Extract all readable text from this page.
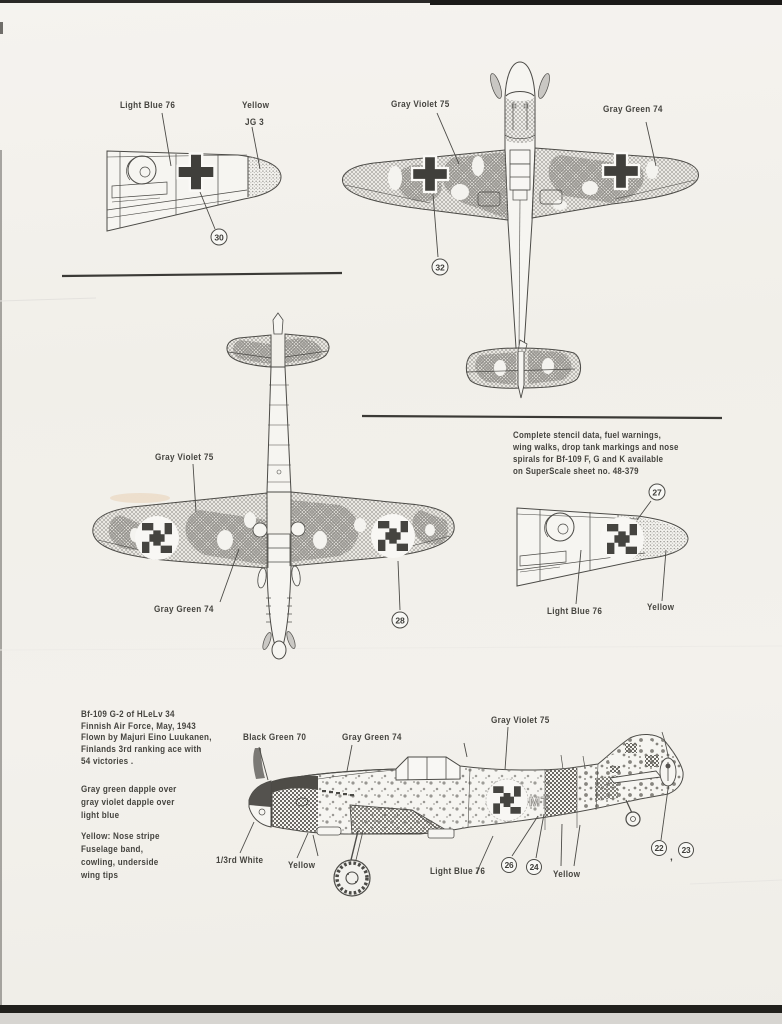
MT
Light Blue 76	Yellow
JG 3
Gray Violet 75	Gray Green 74
Gray Violet 75
Gray Green 74
Complete stencil data, fuel warnings,
wing walks, drop tank markings and nose
spirals for Bf-109 F, G and K available
on SuperScale sheet no. 48-379
Light Blue 76	Yellow
Bf-109 G-2 of HLeLv 34
Finnish Air Force, May, 1943
Flown by Majuri Eino Luukanen,
Finlands 3rd ranking ace with
54 victories .
Gray green dapple over
gray violet dapple over
light blue
Yellow: Nose stripe
Fuselage band,
cowling, underside
wing tips
Black Green 70	Gray Green 74
Gray Violet 75
1/3rd White	Yellow
Light Blue 76	Yellow
30
32
28
27
26	24
22	23
,
